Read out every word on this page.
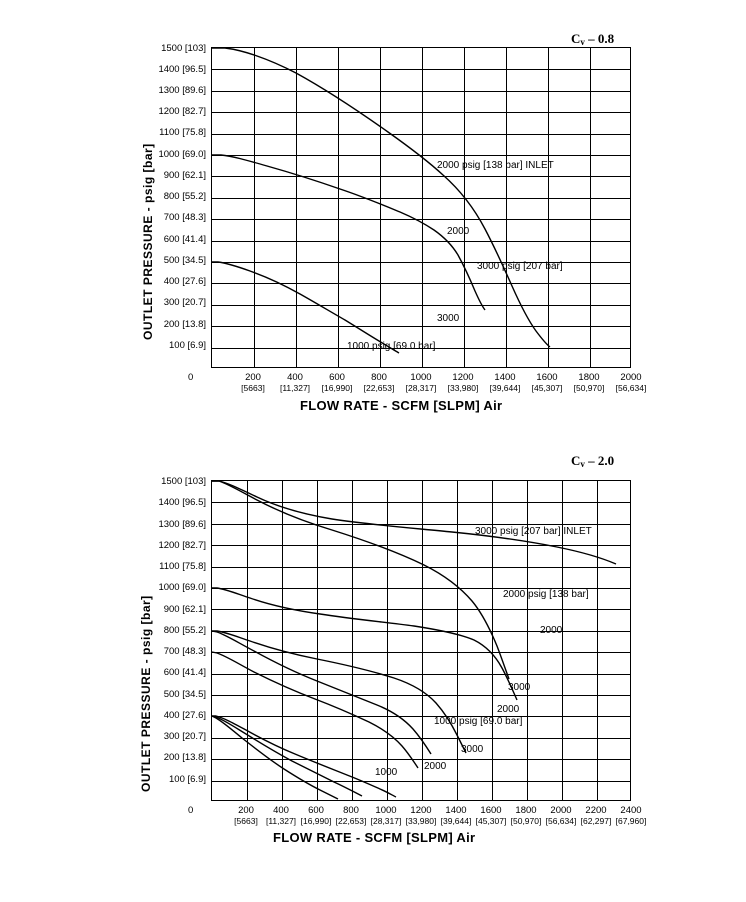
$C_v - 0.8$
OUTLET PRESSURE - psig [bar]
1500 [103]
1400 [96.5]
1300 [89.6]
1200 [82.7]
1100 [75.8]
1000 [69.0]
900 [62.1]
800 [55.2]
700 [48.3]
600 [41.4]
500 [34.5]
400 [27.6]
300 [20.7]
200 [13.8]
100 [6.9]
0	200
[5663]
400
[11,327]
600
[16,990]
800
[22,653]
1000
[28,317]
1200
[33,980]
1400
[39,644]
1600
[45,307]
1800
[50,970]
2000
[56,634]
FLOW RATE - SCFM [SLPM] Air
2000 psig [138 bar] INLET
2000
3000 psig [207 bar]
3000
1000 psig [69.0 bar]
$C_v - 2.0$
OUTLET PRESSURE - psig [bar]
1500 [103]
1400 [96.5]
1300 [89.6]
1200 [82.7]
1100 [75.8]
1000 [69.0]
900 [62.1]
800 [55.2]
700 [48.3]
600 [41.4]
500 [34.5]
400 [27.6]
300 [20.7]
200 [13.8]
100 [6.9]
0	200
[5663]
400
[11,327]
600
[16,990]
800
[22,653]
1000
[28,317]
1200
[33,980]
1400
[39,644]
1600
[45,307]
1800
[50,970]
2000
[56,634]
2200
[62,297]
2400
[67,960]
FLOW RATE - SCFM [SLPM] Air
3000 psig [207 bar] INLET
2000 psig [138 bar]
2000
3000
2000
1000 psig [69.0 bar]
3000
1000
2000
